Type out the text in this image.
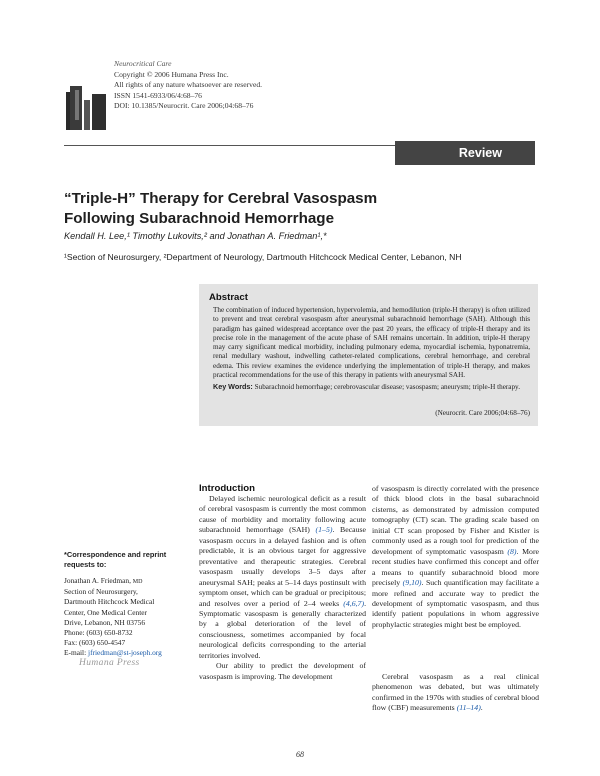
Neurocritical Care
Copyright © 2006 Humana Press Inc.
All rights of any nature whatsoever are reserved.
ISSN 1541-6933/06/4:68–76
DOI: 10.1385/Neurocrit. Care 2006;04:68–76
Review
“Triple-H” Therapy for Cerebral Vasospasm
Following Subarachnoid Hemorrhage
Kendall H. Lee,¹ Timothy Lukovits,² and Jonathan A. Friedman¹,*
¹Section of Neurosurgery, ²Department of Neurology, Dartmouth Hitchcock Medical Center, Lebanon, NH
Abstract

The combination of induced hypertension, hypervolemia, and hemodilution (triple-H therapy) is often utilized to prevent and treat cerebral vasospasm after aneurysmal subarachnoid hemorrhage (SAH). Although this paradigm has gained widespread acceptance over the past 20 years, the efficacy of triple-H therapy and its precise role in the management of the acute phase of SAH remains uncertain. In addition, triple-H therapy may carry significant medical morbidity, including pulmonary edema, myocardial ischemia, hyponatremia, renal medullary washout, indwelling catheter-related complications, cerebral hemorrhage, and cerebral edema. This review examines the evidence underlying the implementation of triple-H therapy, and makes practical recommendations for the use of this therapy in patients with aneurysmal SAH.

Key Words: Subarachnoid hemorrhage; cerebrovascular disease; vasospasm; aneurysm; triple-H therapy.

(Neurocrit. Care 2006;04:68–76)
Introduction

Delayed ischemic neurological deficit as a result of cerebral vasospasm is currently the most common cause of morbidity and mortality following acute subarachnoid hemorrhage (SAH) (1–5). Because vasospasm occurs in a delayed fashion and is often predictable, it is an obvious target for aggressive preventative and therapeutic strategies. Cerebral vasospasm usually develops 3–5 days after aneurysmal SAH; peaks at 5–14 days postinsult with symptom onset, which can be gradual or precipitous; and resolves over a period of 2–4 weeks (4,6,7). Symptomatic vasospasm is generally characterized by a global deterioration of the level of consciousness, sometimes accompanied by focal neurological deficits corresponding to the arterial territories involved.
Our ability to predict the development of vasospasm is improving. The development

of vasospasm is directly correlated with the presence of thick blood clots in the basal subarachnoid cisterns, as demonstrated by admission computed tomography (CT) scan. The grading scale based on initial CT scan proposed by Fisher and Kistler is commonly used as a rough tool for prediction of the development of symptomatic vasospasm (8). More recent studies have confirmed this concept and offer a means to quantify subarachnoid blood more precisely (9,10). Such quantification may facilitate a more refined and accurate way to predict the development of symptomatic vasospasm, and thus identify patient populations in whom aggressive prophylactic strategies might best be employed.

Cerebral vasospasm as a real clinical phenomenon was debated, but was ultimately confirmed in the 1970s with studies of cerebral blood flow (CBF) measurements (11–14).

*Correspondence and reprint requests to:
Jonathan A. Friedman, MD
Section of Neurosurgery,
Dartmouth Hitchcock Medical
Center, One Medical Center
Drive, Lebanon, NH 03756
Phone: (603) 650-8732
Fax: (603) 650-4547
E-mail: jfriedman@st-joseph.org
Humana Press
68
